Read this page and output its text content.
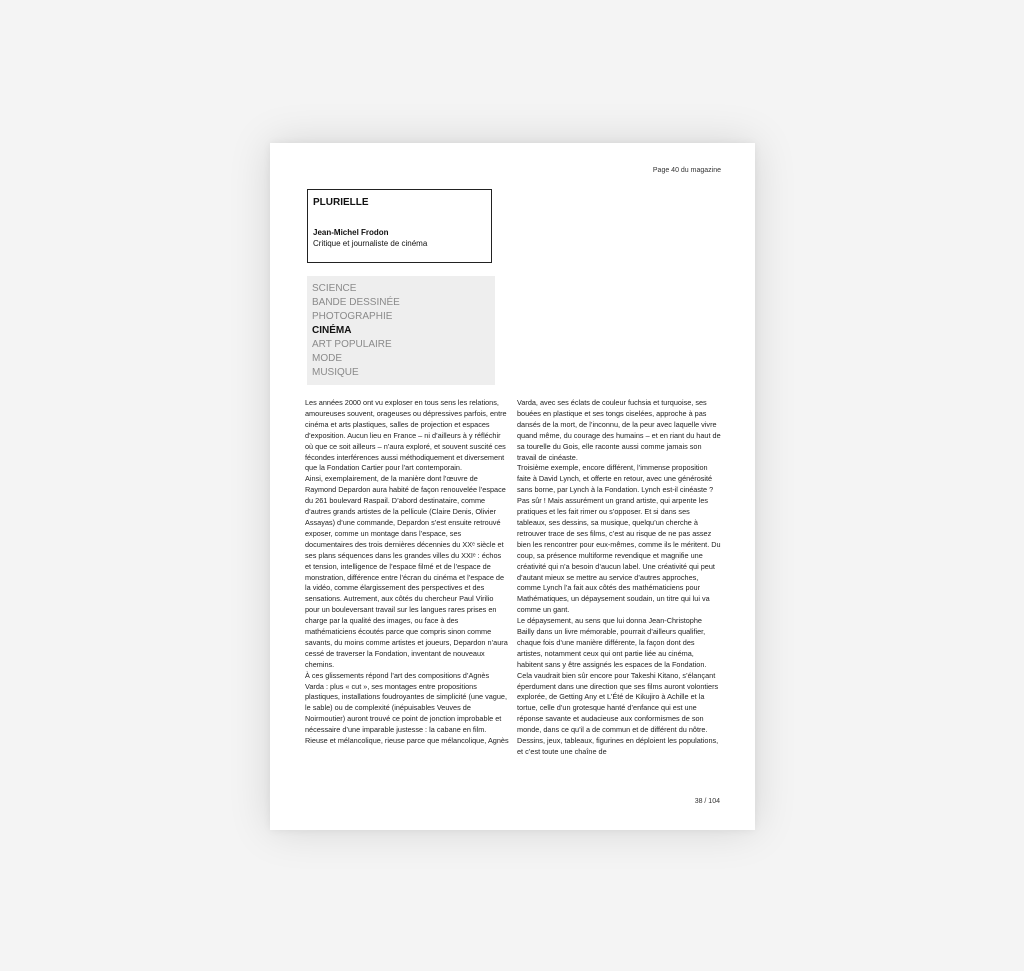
Page 40 du magazine
PLURIELLE
Jean-Michel Frodon
Critique et journaliste de cinéma
SCIENCE
BANDE DESSINÉE
PHOTOGRAPHIE
CINÉMA
ART POPULAIRE
MODE
MUSIQUE

Les années 2000 ont vu exploser en tous sens les relations, amoureuses souvent, orageuses ou dépressives parfois, entre cinéma et arts plastiques, salles de projection et espaces d’exposition. Aucun lieu en France – ni d’ailleurs à y réfléchir où que ce soit ailleurs – n’aura exploré, et souvent suscité ces fécondes interférences aussi méthodiquement et diversement que la Fondation Cartier pour l’art contemporain.

Ainsi, exemplairement, de la manière dont l’œuvre de Raymond Depardon aura habité de façon renouvelée l’espace du 261 boulevard Raspail. D’abord destinataire, comme d’autres grands artistes de la pellicule (Claire Denis, Olivier Assayas) d’une commande, Depardon s’est ensuite retrouvé exposer, comme un montage dans l’espace, ses documentaires des trois dernières décennies du XXᵉ siècle et ses plans séquences dans les grandes villes du XXIᵉ : échos et tension, intelligence de l’espace filmé et de l’espace de monstration, différence entre l’écran du cinéma et l’espace de la vidéo, comme élargissement des perspectives et des sensations. Autrement, aux côtés du chercheur Paul Virilio pour un bouleversant travail sur les langues rares prises en charge par la qualité des images, ou face à des mathématiciens écoutés parce que compris sinon comme savants, du moins comme artistes et joueurs, Depardon n’aura cessé de traverser la Fondation, inventant de nouveaux chemins.

À ces glissements répond l’art des compositions d’Agnès Varda : plus « cut », ses montages entre propositions plastiques, installations foudroyantes de simplicité (une vague, le sable) ou de complexité (inépuisables Veuves de Noirmoutier) auront trouvé ce point de jonction improbable et nécessaire d’une imparable justesse : la cabane en film. Rieuse et mélancolique, rieuse parce que mélancolique, Agnès

Varda, avec ses éclats de couleur fuchsia et turquoise, ses bouées en plastique et ses tongs ciselées, approche à pas dansés de la mort, de l’inconnu, de la peur avec laquelle vivre quand même, du courage des humains – et en riant du haut de sa tourelle du Gois, elle raconte aussi comme jamais son travail de cinéaste.

Troisième exemple, encore différent, l’immense proposition faite à David Lynch, et offerte en retour, avec une générosité sans borne, par Lynch à la Fondation. Lynch est-il cinéaste ? Pas sûr ! Mais assurément un grand artiste, qui arpente les pratiques et les fait rimer ou s’opposer. Et si dans ses tableaux, ses dessins, sa musique, quelqu’un cherche à retrouver trace de ses films, c’est au risque de ne pas assez bien les rencontrer pour eux-mêmes, comme ils le méritent. Du coup, sa présence multiforme revendique et magnifie une créativité qui n’a besoin d’aucun label. Une créativité qui peut d’autant mieux se mettre au service d’autres approches, comme Lynch l’a fait aux côtés des mathématiciens pour Mathématiques, un dépaysement soudain, un titre qui lui va comme un gant.

Le dépaysement, au sens que lui donna Jean-Christophe Bailly dans un livre mémorable, pourrait d’ailleurs qualifier, chaque fois d’une manière différente, la façon dont des artistes, notamment ceux qui ont partie liée au cinéma, habitent sans y être assignés les espaces de la Fondation. Cela vaudrait bien sûr encore pour Takeshi Kitano, s’élançant éperdument dans une direction que ses films auront volontiers explorée, de Getting Any et L’Été de Kikujiro à Achille et la tortue, celle d’un grotesque hanté d’enfance qui est une réponse savante et audacieuse aux conformismes de son monde, dans ce qu’il a de commun et de différent du nôtre. Dessins, jeux, tableaux, figurines en déploient les populations, et c’est toute une chaîne de

38 / 104
